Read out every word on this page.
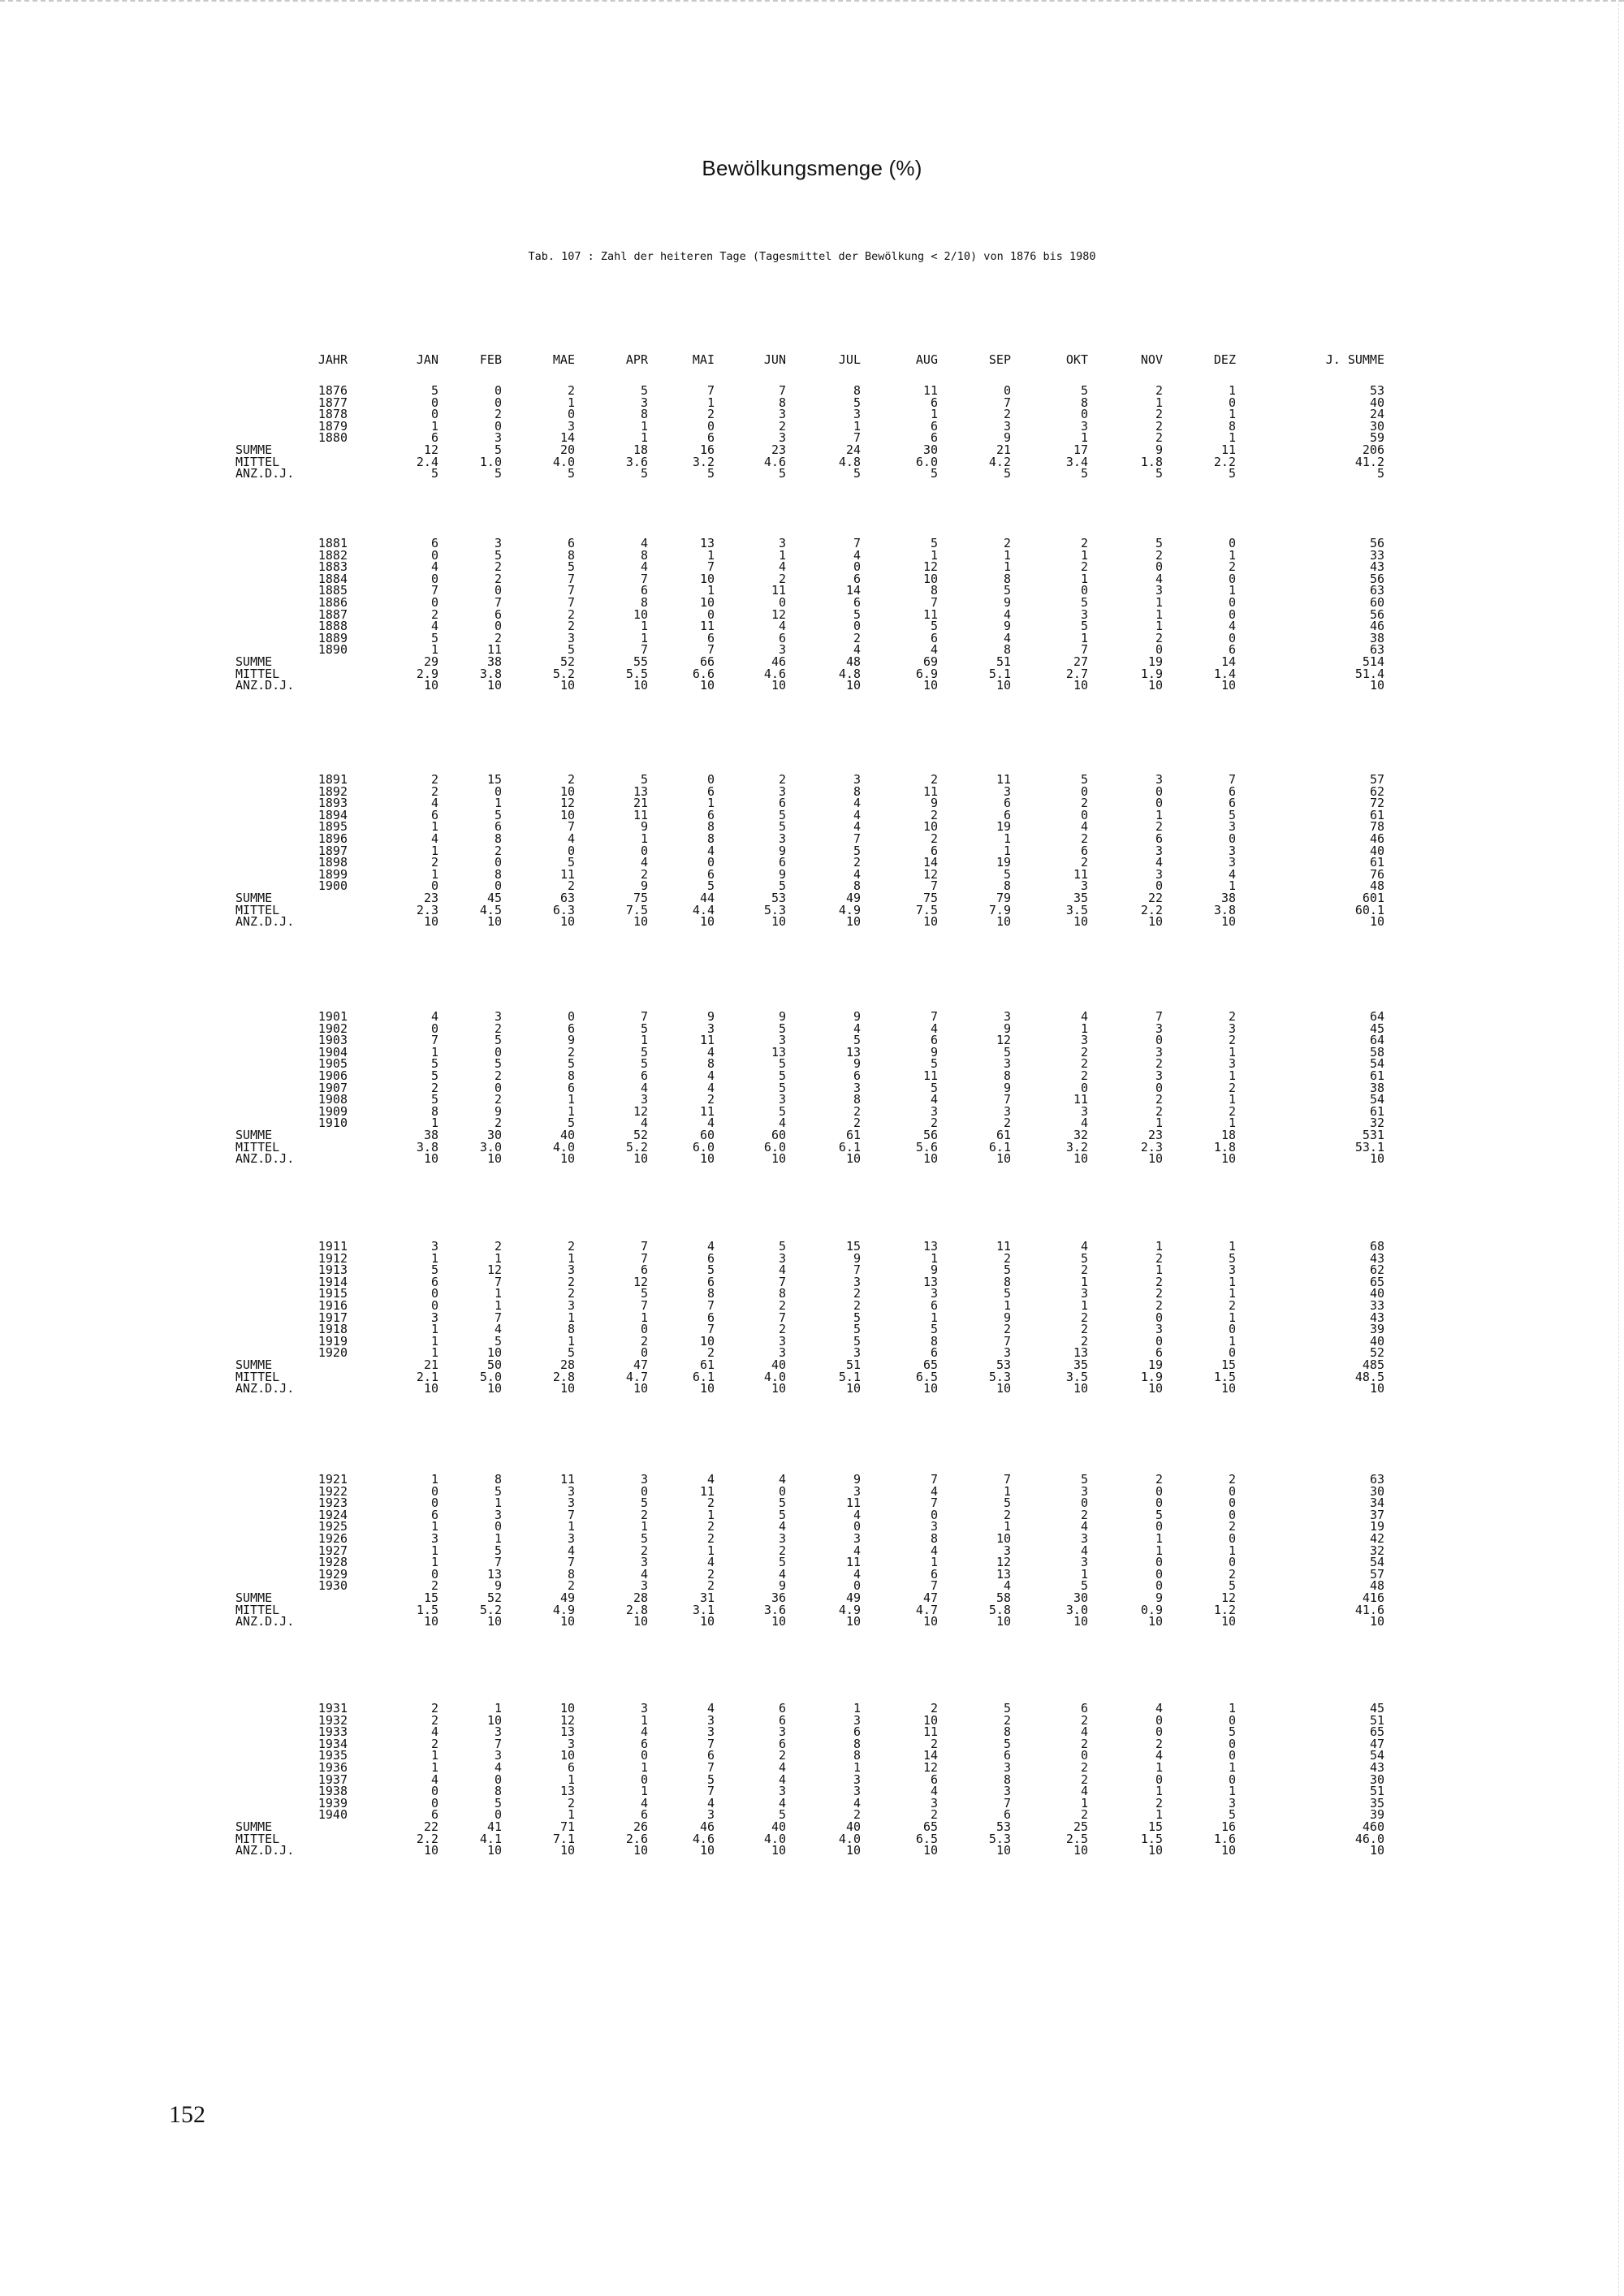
Bewölkungsmenge (%)
Tab. 107 : Zahl der heiteren Tage (Tagesmittel der Bewölkung < 2/10) von 1876 bis 1980
JAHR	JAN	FEB	MAE	APR	MAI	JUN	JUL	AUG	SEP	OKT	NOV	DEZ	J. SUMME
1876	5	0	2	5	7	7	8	11	0	5	2	1	53
1877	0	0	1	3	1	8	5	6	7	8	1	0	40
1878	0	2	0	8	2	3	3	1	2	0	2	1	24
1879	1	0	3	1	0	2	1	6	3	3	2	8	30
1880	6	3	14	1	6	3	7	6	9	1	2	1	59
SUMME	12	5	20	18	16	23	24	30	21	17	9	11	206
MITTEL	2.4	1.0	4.0	3.6	3.2	4.6	4.8	6.0	4.2	3.4	1.8	2.2	41.2
ANZ.D.J.	5	5	5	5	5	5	5	5	5	5	5	5	5
1881	6	3	6	4	13	3	7	5	2	2	5	0	56
1882	0	5	8	8	1	1	4	1	1	1	2	1	33
1883	4	2	5	4	7	4	0	12	1	2	0	2	43
1884	0	2	7	7	10	2	6	10	8	1	4	0	56
1885	7	0	7	6	1	11	14	8	5	0	3	1	63
1886	0	7	7	8	10	0	6	7	9	5	1	0	60
1887	2	6	2	10	0	12	5	11	4	3	1	0	56
1888	4	0	2	1	11	4	0	5	9	5	1	4	46
1889	5	2	3	1	6	6	2	6	4	1	2	0	38
1890	1	11	5	7	7	3	4	4	8	7	0	6	63
SUMME	29	38	52	55	66	46	48	69	51	27	19	14	514
MITTEL	2.9	3.8	5.2	5.5	6.6	4.6	4.8	6.9	5.1	2.7	1.9	1.4	51.4
ANZ.D.J.	10	10	10	10	10	10	10	10	10	10	10	10	10
1891	2	15	2	5	0	2	3	2	11	5	3	7	57
1892	2	0	10	13	6	3	8	11	3	0	0	6	62
1893	4	1	12	21	1	6	4	9	6	2	0	6	72
1894	6	5	10	11	6	5	4	2	6	0	1	5	61
1895	1	6	7	9	8	5	4	10	19	4	2	3	78
1896	4	8	4	1	8	3	7	2	1	2	6	0	46
1897	1	2	0	0	4	9	5	6	1	6	3	3	40
1898	2	0	5	4	0	6	2	14	19	2	4	3	61
1899	1	8	11	2	6	9	4	12	5	11	3	4	76
1900	0	0	2	9	5	5	8	7	8	3	0	1	48
SUMME	23	45	63	75	44	53	49	75	79	35	22	38	601
MITTEL	2.3	4.5	6.3	7.5	4.4	5.3	4.9	7.5	7.9	3.5	2.2	3.8	60.1
ANZ.D.J.	10	10	10	10	10	10	10	10	10	10	10	10	10
1901	4	3	0	7	9	9	9	7	3	4	7	2	64
1902	0	2	6	5	3	5	4	4	9	1	3	3	45
1903	7	5	9	1	11	3	5	6	12	3	0	2	64
1904	1	0	2	5	4	13	13	9	5	2	3	1	58
1905	5	5	5	5	8	5	9	5	3	2	2	3	54
1906	5	2	8	6	4	5	6	11	8	2	3	1	61
1907	2	0	6	4	4	5	3	5	9	0	0	2	38
1908	5	2	1	3	2	3	8	4	7	11	2	1	54
1909	8	9	1	12	11	5	2	3	3	3	2	2	61
1910	1	2	5	4	4	4	2	2	2	4	1	1	32
SUMME	38	30	40	52	60	60	61	56	61	32	23	18	531
MITTEL	3.8	3.0	4.0	5.2	6.0	6.0	6.1	5.6	6.1	3.2	2.3	1.8	53.1
ANZ.D.J.	10	10	10	10	10	10	10	10	10	10	10	10	10
1911	3	2	2	7	4	5	15	13	11	4	1	1	68
1912	1	1	1	7	6	3	9	1	2	5	2	5	43
1913	5	12	3	6	5	4	7	9	5	2	1	3	62
1914	6	7	2	12	6	7	3	13	8	1	2	1	65
1915	0	1	2	5	8	8	2	3	5	3	2	1	40
1916	0	1	3	7	7	2	2	6	1	1	2	2	33
1917	3	7	1	1	6	7	5	1	9	2	0	1	43
1918	1	4	8	0	7	2	5	5	2	2	3	0	39
1919	1	5	1	2	10	3	5	8	7	2	0	1	40
1920	1	10	5	0	2	3	3	6	3	13	6	0	52
SUMME	21	50	28	47	61	40	51	65	53	35	19	15	485
MITTEL	2.1	5.0	2.8	4.7	6.1	4.0	5.1	6.5	5.3	3.5	1.9	1.5	48.5
ANZ.D.J.	10	10	10	10	10	10	10	10	10	10	10	10	10
1921	1	8	11	3	4	4	9	7	7	5	2	2	63
1922	0	5	3	0	11	0	3	4	1	3	0	0	30
1923	0	1	3	5	2	5	11	7	5	0	0	0	34
1924	6	3	7	2	1	5	4	0	2	2	5	0	37
1925	1	0	1	1	2	4	0	3	1	4	0	2	19
1926	3	1	3	5	2	3	3	8	10	3	1	0	42
1927	1	5	4	2	1	2	4	4	3	4	1	1	32
1928	1	7	7	3	4	5	11	1	12	3	0	0	54
1929	0	13	8	4	2	4	4	6	13	1	0	2	57
1930	2	9	2	3	2	9	0	7	4	5	0	5	48
SUMME	15	52	49	28	31	36	49	47	58	30	9	12	416
MITTEL	1.5	5.2	4.9	2.8	3.1	3.6	4.9	4.7	5.8	3.0	0.9	1.2	41.6
ANZ.D.J.	10	10	10	10	10	10	10	10	10	10	10	10	10
1931	2	1	10	3	4	6	1	2	5	6	4	1	45
1932	2	10	12	1	3	6	3	10	2	2	0	0	51
1933	4	3	13	4	3	3	6	11	8	4	0	5	65
1934	2	7	3	6	7	6	8	2	5	2	2	0	47
1935	1	3	10	0	6	2	8	14	6	0	4	0	54
1936	1	4	6	1	7	4	1	12	3	2	1	1	43
1937	4	0	1	0	5	4	3	6	8	2	0	0	30
1938	0	8	13	1	7	3	3	4	3	4	1	1	51
1939	0	5	2	4	4	4	4	3	7	1	2	3	35
1940	6	0	1	6	3	5	2	2	6	2	1	5	39
SUMME	22	41	71	26	46	40	40	65	53	25	15	16	460
MITTEL	2.2	4.1	7.1	2.6	4.6	4.0	4.0	6.5	5.3	2.5	1.5	1.6	46.0
ANZ.D.J.	10	10	10	10	10	10	10	10	10	10	10	10	10
152
